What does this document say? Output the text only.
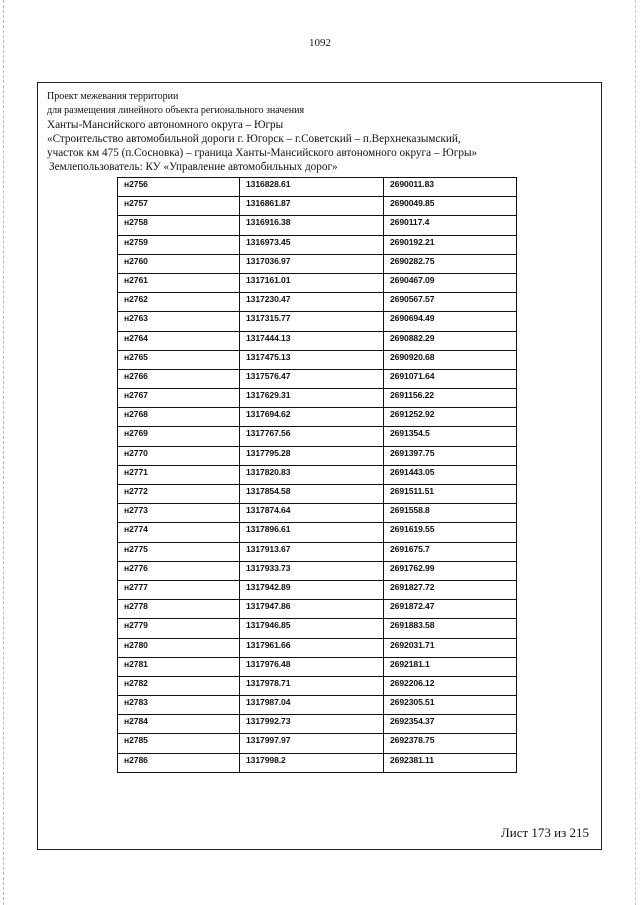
1092
Проект межевания территории
для размещения линейного объекта регионального значения
Ханты-Мансийского автономного округа – Югры
«Строительство автомобильной дороги г. Югорск – г.Советский – п.Верхнеказымский,
участок км 475 (п.Сосновка) – граница Ханты-Мансийского автономного округа – Югры»
Землепользователь: КУ «Управление автомобильных дорог»
н2756	1316828.61	2690011.83
н2757	1316861.87	2690049.85
н2758	1316916.38	2690117.4
н2759	1316973.45	2690192.21
н2760	1317036.97	2690282.75
н2761	1317161.01	2690467.09
н2762	1317230.47	2690567.57
н2763	1317315.77	2690694.49
н2764	1317444.13	2690882.29
н2765	1317475.13	2690920.68
н2766	1317576.47	2691071.64
н2767	1317629.31	2691156.22
н2768	1317694.62	2691252.92
н2769	1317767.56	2691354.5
н2770	1317795.28	2691397.75
н2771	1317820.83	2691443.05
н2772	1317854.58	2691511.51
н2773	1317874.64	2691558.8
н2774	1317896.61	2691619.55
н2775	1317913.67	2691675.7
н2776	1317933.73	2691762.99
н2777	1317942.89	2691827.72
н2778	1317947.86	2691872.47
н2779	1317946.85	2691883.58
н2780	1317961.66	2692031.71
н2781	1317976.48	2692181.1
н2782	1317978.71	2692206.12
н2783	1317987.04	2692305.51
н2784	1317992.73	2692354.37
н2785	1317997.97	2692378.75
н2786	1317998.2	2692381.11
Лист 173 из 215
